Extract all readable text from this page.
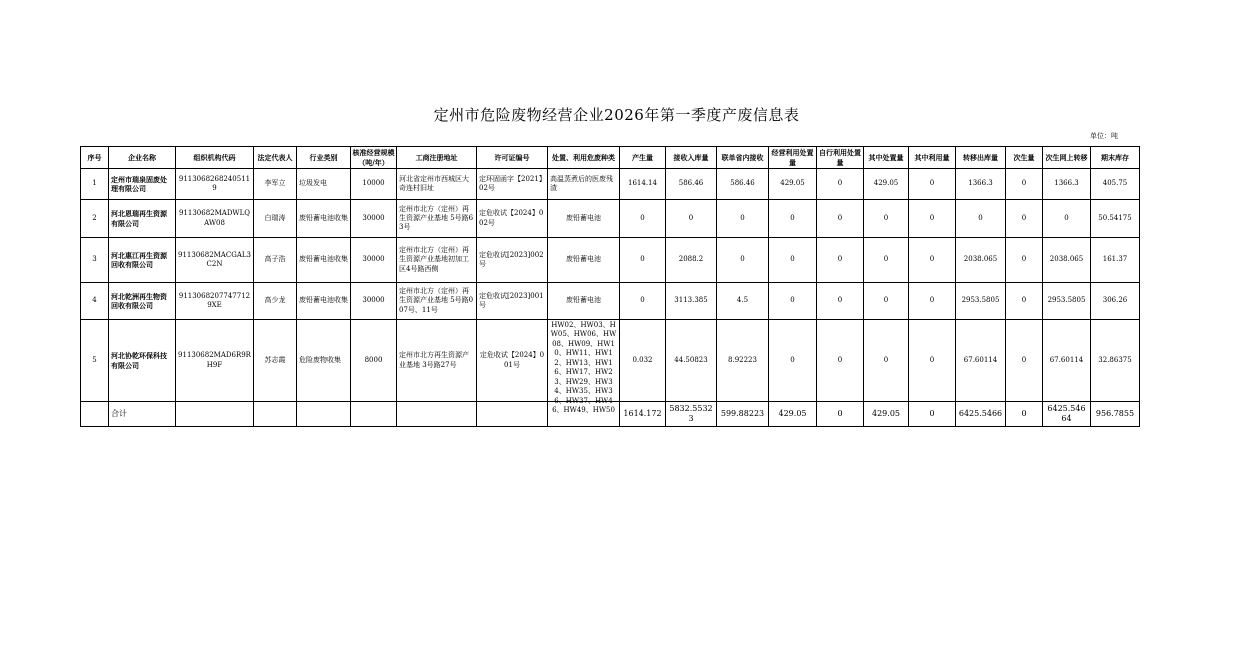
定州市危险废物经营企业2026年第一季度产废信息表
单位：吨
序号	企业名称	组织机构代码	法定代表人	行业类别	核准经营规模（吨/年）	工商注册地址	许可证编号	处置、利用危废种类	产生量	接收入库量	联单省内接收	经营利用处置量	自行利用处置量	其中处置量	其中利用量	转移出库量	次生量	次生网上转移	期末库存
1	定州市瑞泉固废处理有限公司	91130682682405119	李军立	垃圾发电	10000	河北省定州市西城区大奇连村旧址	定环固函字【2021】02号	高温蒸煮后的医废残渣	1614.14	586.46	586.46	429.05	0	429.05	0	1366.3	0	1366.3	405.75
2	河北恩瑞再生资源有限公司	91130682MADWLQAW08	白瑞涛	废铅蓄电池收集	30000	定州市北方（定州）再生资源产业基地 5号路63号	定危收试【2024】002号	废铅蓄电池	0	0	0	0	0	0	0	0	0	0	50.54175
3	河北惠江再生资源回收有限公司	91130682MACGAL3C2N	高子浩	废铅蓄电池收集	30000	定州市北方（定州）再生资源产业基地初加工区4号路西侧	定危收试[2023]002号	废铅蓄电池	0	2088.2	0	0	0	0	0	2038.065	0	2038.065	161.37
4	河北乾洲再生物资回收有限公司	91130682077477129XE	高少龙	废铅蓄电池收集	30000	定州市北方（定州）再生资源产业基地 5号路007号、11号	定危收试[2023]001号	废铅蓄电池	0	3113.385	4.5	0	0	0	0	2953.5805	0	2953.5805	306.26
5	河北协乾环保科技有限公司	91130682MAD6R9RH9F	苏志霞	危险废物收集	8000	定州市北方再生资源产业基地 3号路27号	定危收试【2024】001号	HW02、HW03、HW05、HW06、HW08、HW09、HW10、HW11、HW12、HW13、HW16、HW17、HW23、HW29、HW34、HW35、HW36、HW37、HW46、HW49、HW50	0.032	44.50823	8.92223	0	0	0	0	67.60114	0	67.60114	32.86375
	合计								1614.172	5832.55323	599.88223	429.05	0	429.05	0	6425.5466	0	6425.54664	956.7855
